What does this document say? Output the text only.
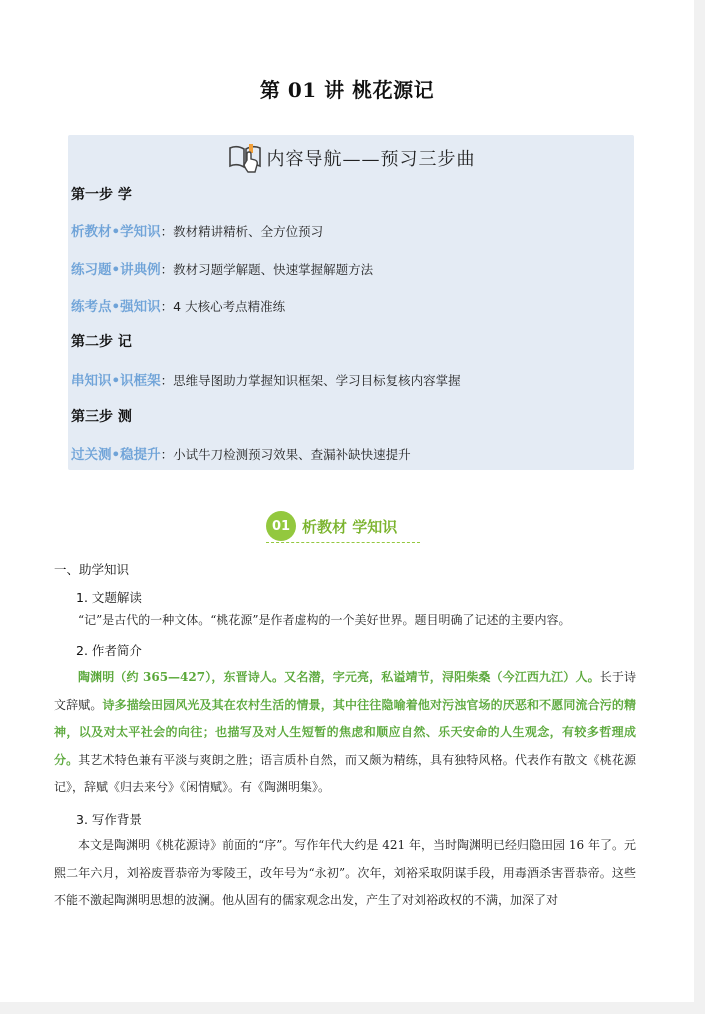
第 01 讲 桃花源记
内容导航——预习三步曲
第一步 学
析教材•学知识：教材精讲精析、全方位预习
练习题•讲典例：教材习题学解题、快速掌握解题方法
练考点•强知识：4 大核心考点精准练
第二步 记
串知识•识框架：思维导图助力掌握知识框架、学习目标复核内容掌握
第三步 测
过关测•稳提升：小试牛刀检测预习效果、查漏补缺快速提升
01 析教材 学知识
一、助学知识
1. 文题解读
“记”是古代的一种文体。“桃花源”是作者虚构的一个美好世界。题目明确了记述的主要内容。
2. 作者简介
陶渊明（约 365—427），东晋诗人。又名潜，字元亮，私谥靖节，浔阳柴桑（今江西九江）人。长于诗文辞赋。诗多描绘田园风光及其在农村生活的情景，其中往往隐喻着他对污浊官场的厌恶和不愿同流合污的精神，以及对太平社会的向往；也描写及对人生短暂的焦虑和顺应自然、乐天安命的人生观念，有较多哲理成分。其艺术特色兼有平淡与爽朗之胜；语言质朴自然，而又颇为精练，具有独特风格。代表作有散文《桃花源记》，辞赋《归去来兮》《闲情赋》。有《陶渊明集》。
3. 写作背景
本文是陶渊明《桃花源诗》前面的“序”。写作年代大约是 421 年，当时陶渊明已经归隐田园 16 年了。元熙二年六月，刘裕废晋恭帝为零陵王，改年号为“永初”。次年，刘裕采取阴谋手段，用毒酒杀害晋恭帝。这些不能不激起陶渊明思想的波澜。他从固有的儒家观念出发，产生了对刘裕政权的不满，加深了对
